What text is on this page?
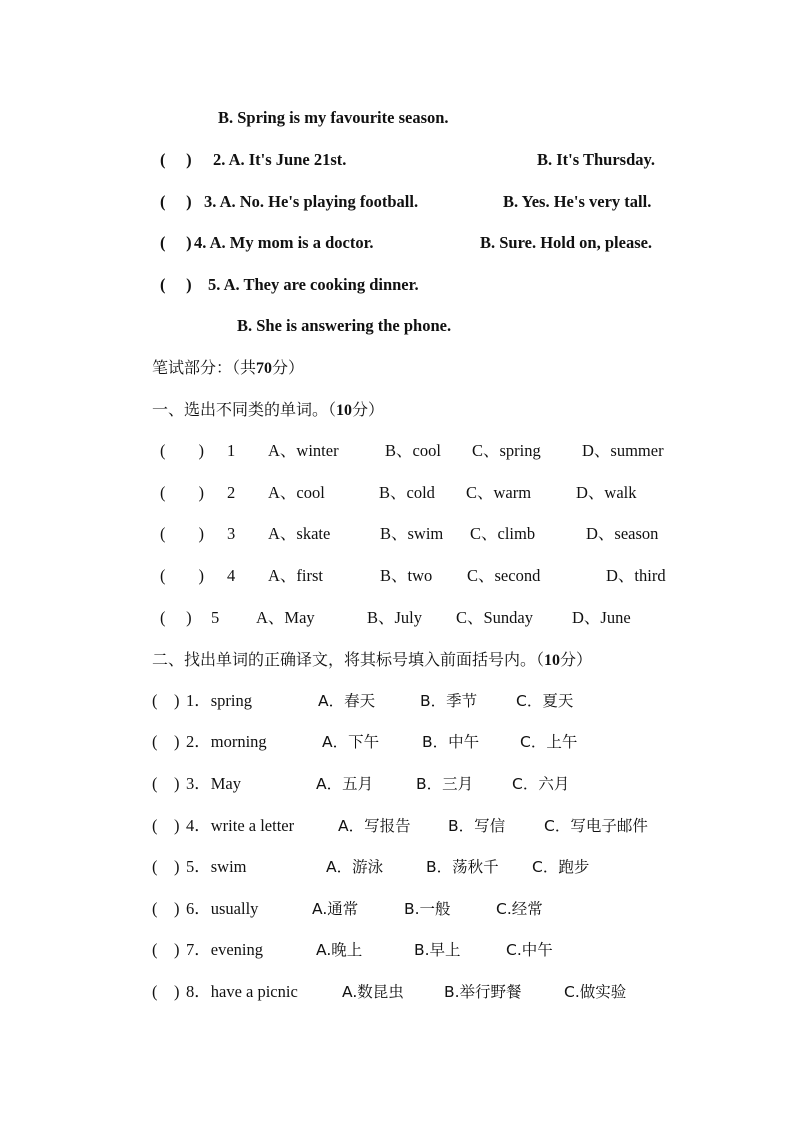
B. Spring is my favourite season.
(　 ) 2. A. It's June 21st.	B. It's Thursday.
(　 ) 3. A. No. He's playing football.	B. Yes. He's very tall.
(　 ) 4. A. My mom is a doctor.	B. Sure. Hold on, please.
(　 ) 5. A. They are cooking dinner.
B. She is answering the phone.
笔试部分：（共70分）
一、选出不同类的单词。（10分）
(　　) 1 A、winter	B、cool C、spring D、summer
(　　) 2 A、cool	B、cold C、warm	D、walk
(　　) 3 A、skate	B、swim C、climb	D、season
(　　) 4 A、first	B、two C、second	D、third
(　 ) 5 A、May	B、July C、Sunday D、June
二、找出单词的正确译文，将其标号填入前面括号内。（10分）
(　) 1．spring	A．春天	B．季节	C．夏天
(　) 2．morning	A．下午	B．中午	C．上午
(　) 3．May	A．五月	B．三月	C．六月
(　) 4．write a letter	A．写报告 B．写信	C．写电子邮件
(　) 5．swim	A．游泳	B．荡秋千 C．跑步
(　) 6．usually	A.通常	B.一般	C.经常
(　) 7．evening	A.晚上	B.早上	C.中午
(　) 8．have a picnic	A.数昆虫	B.举行野餐	C.做实验
